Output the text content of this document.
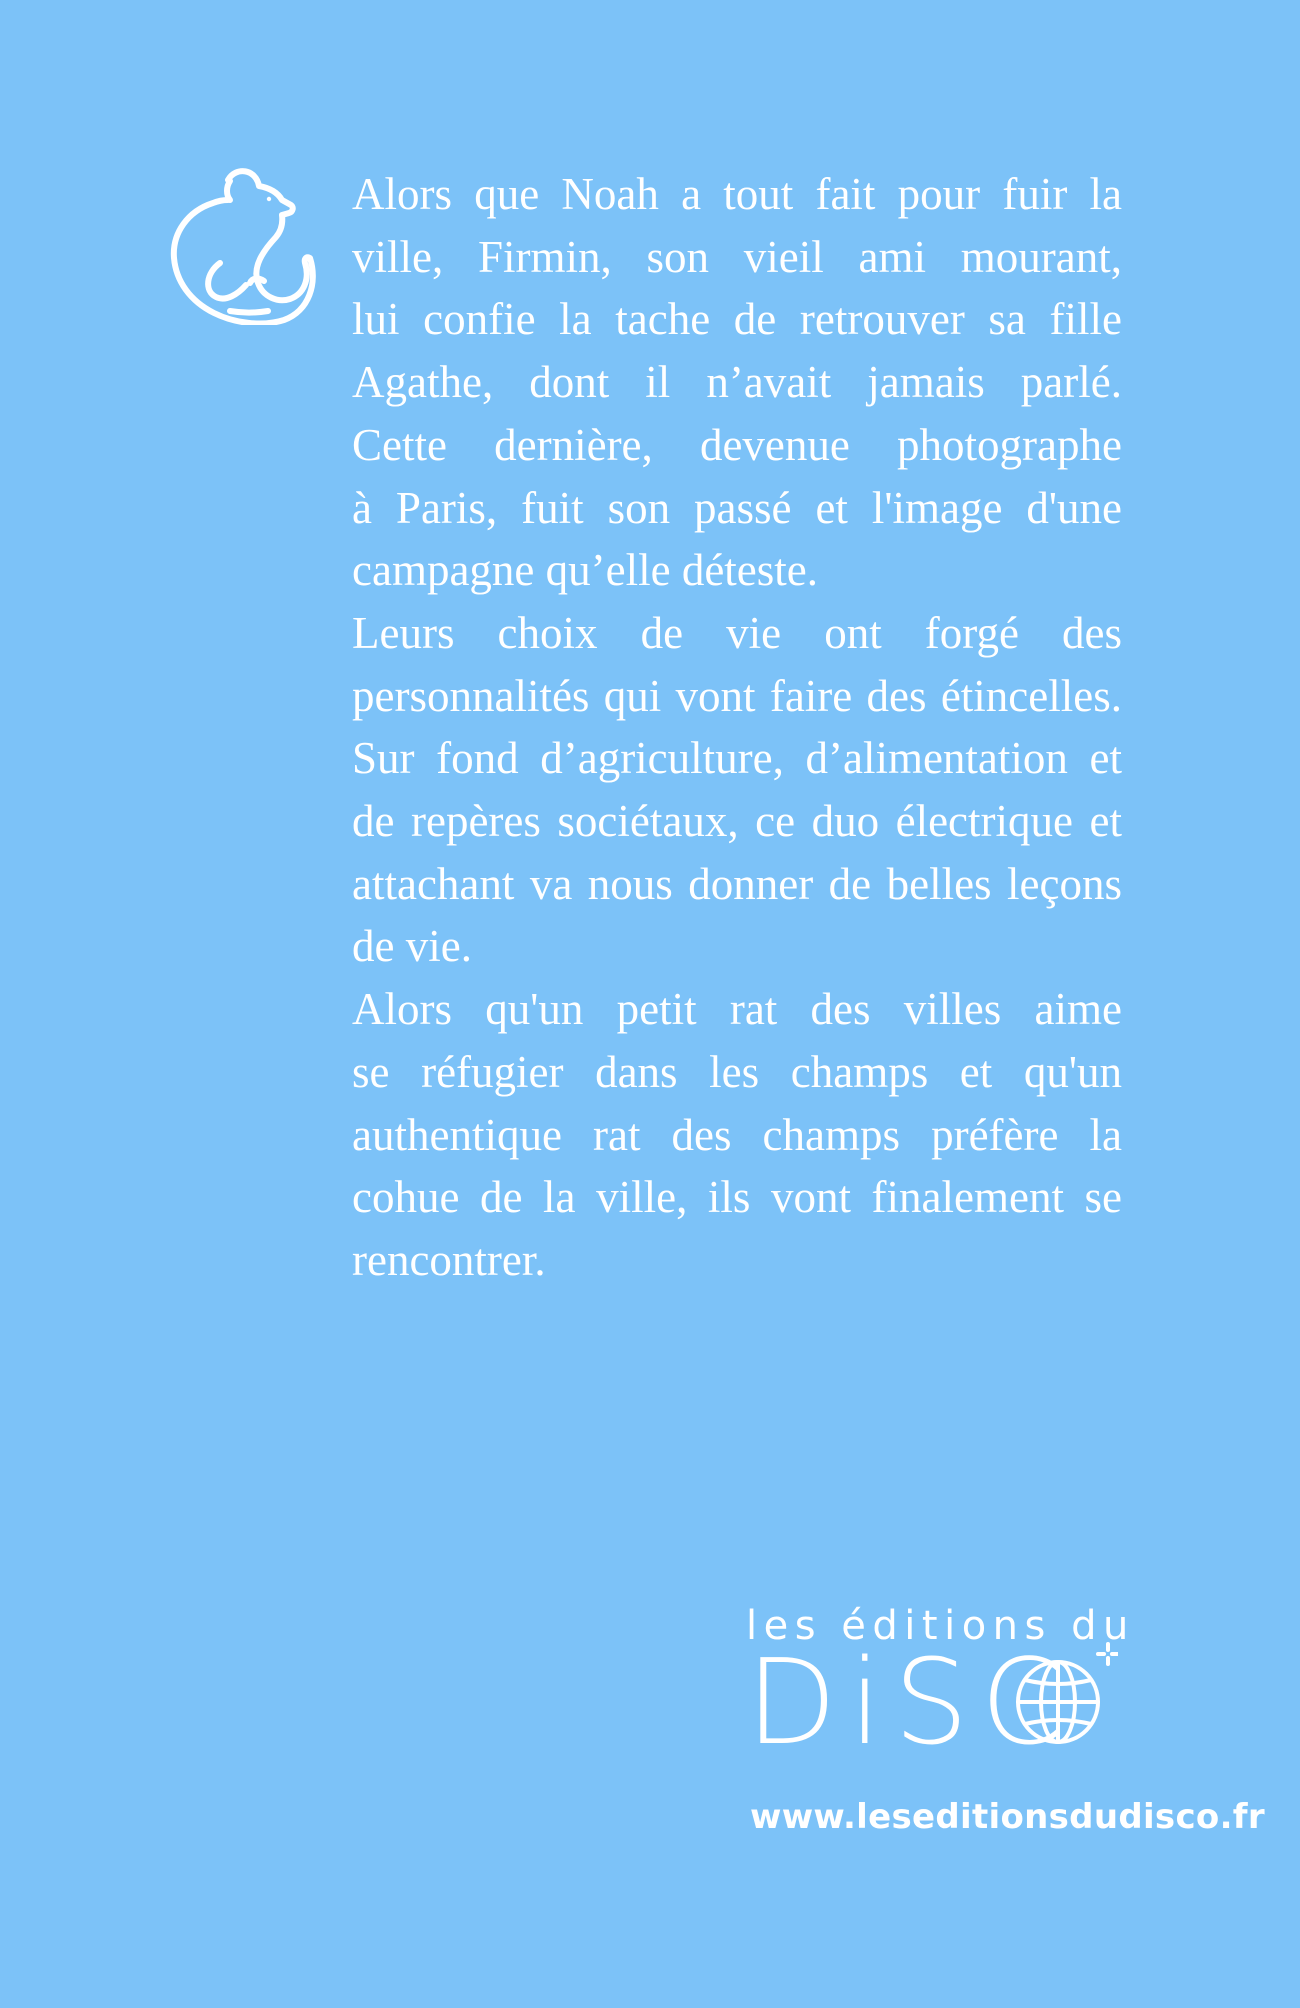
Alors que Noah a tout fait pour fuir la
ville, Firmin, son vieil ami mourant,
lui confie la tache de retrouver sa fille
Agathe, dont il n’avait jamais parlé.
Cette dernière, devenue photographe
à Paris, fuit son passé et l'image d'une
campagne qu’elle déteste.

Leurs choix de vie ont forgé des
personnalités qui vont faire des étincelles.
Sur fond d’agriculture, d’alimentation et
de repères sociétaux, ce duo électrique et
attachant va nous donner de belles leçons
de vie.

Alors qu'un petit rat des villes aime
se réfugier dans les champs et qu'un
authentique rat des champs préfère la
cohue de la ville, ils vont finalement se
rencontrer.

les éditions du
DiSC
www.leseditionsdudisco.fr
